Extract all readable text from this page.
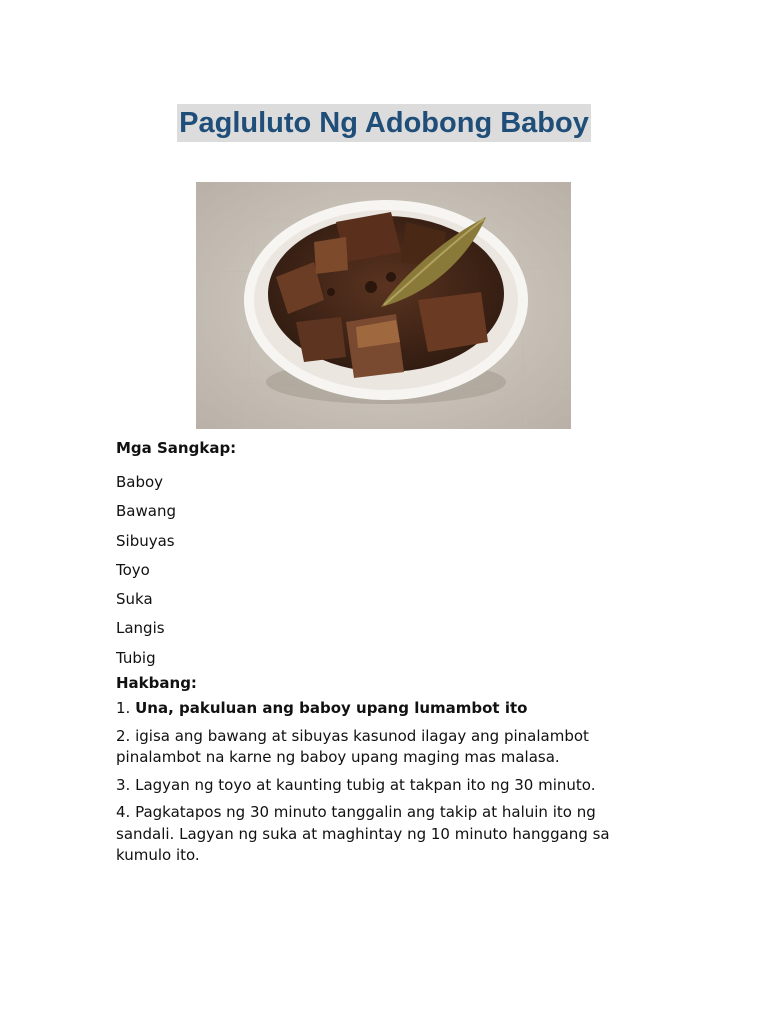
Pagluluto Ng Adobong Baboy
Mga Sangkap:
Baboy
Bawang
Sibuyas
Toyo
Suka
Langis
Tubig
Hakbang:
1. Una, pakuluan ang baboy upang lumambot ito
2. igisa ang bawang at sibuyas kasunod ilagay ang pinalambot pinalambot na karne ng baboy upang maging mas malasa.
3. Lagyan ng toyo at kaunting tubig at takpan ito ng 30 minuto.
4. Pagkatapos ng 30 minuto tanggalin ang takip at haluin ito ng sandali. Lagyan ng suka at maghintay ng 10 minuto hanggang sa kumulo ito.
